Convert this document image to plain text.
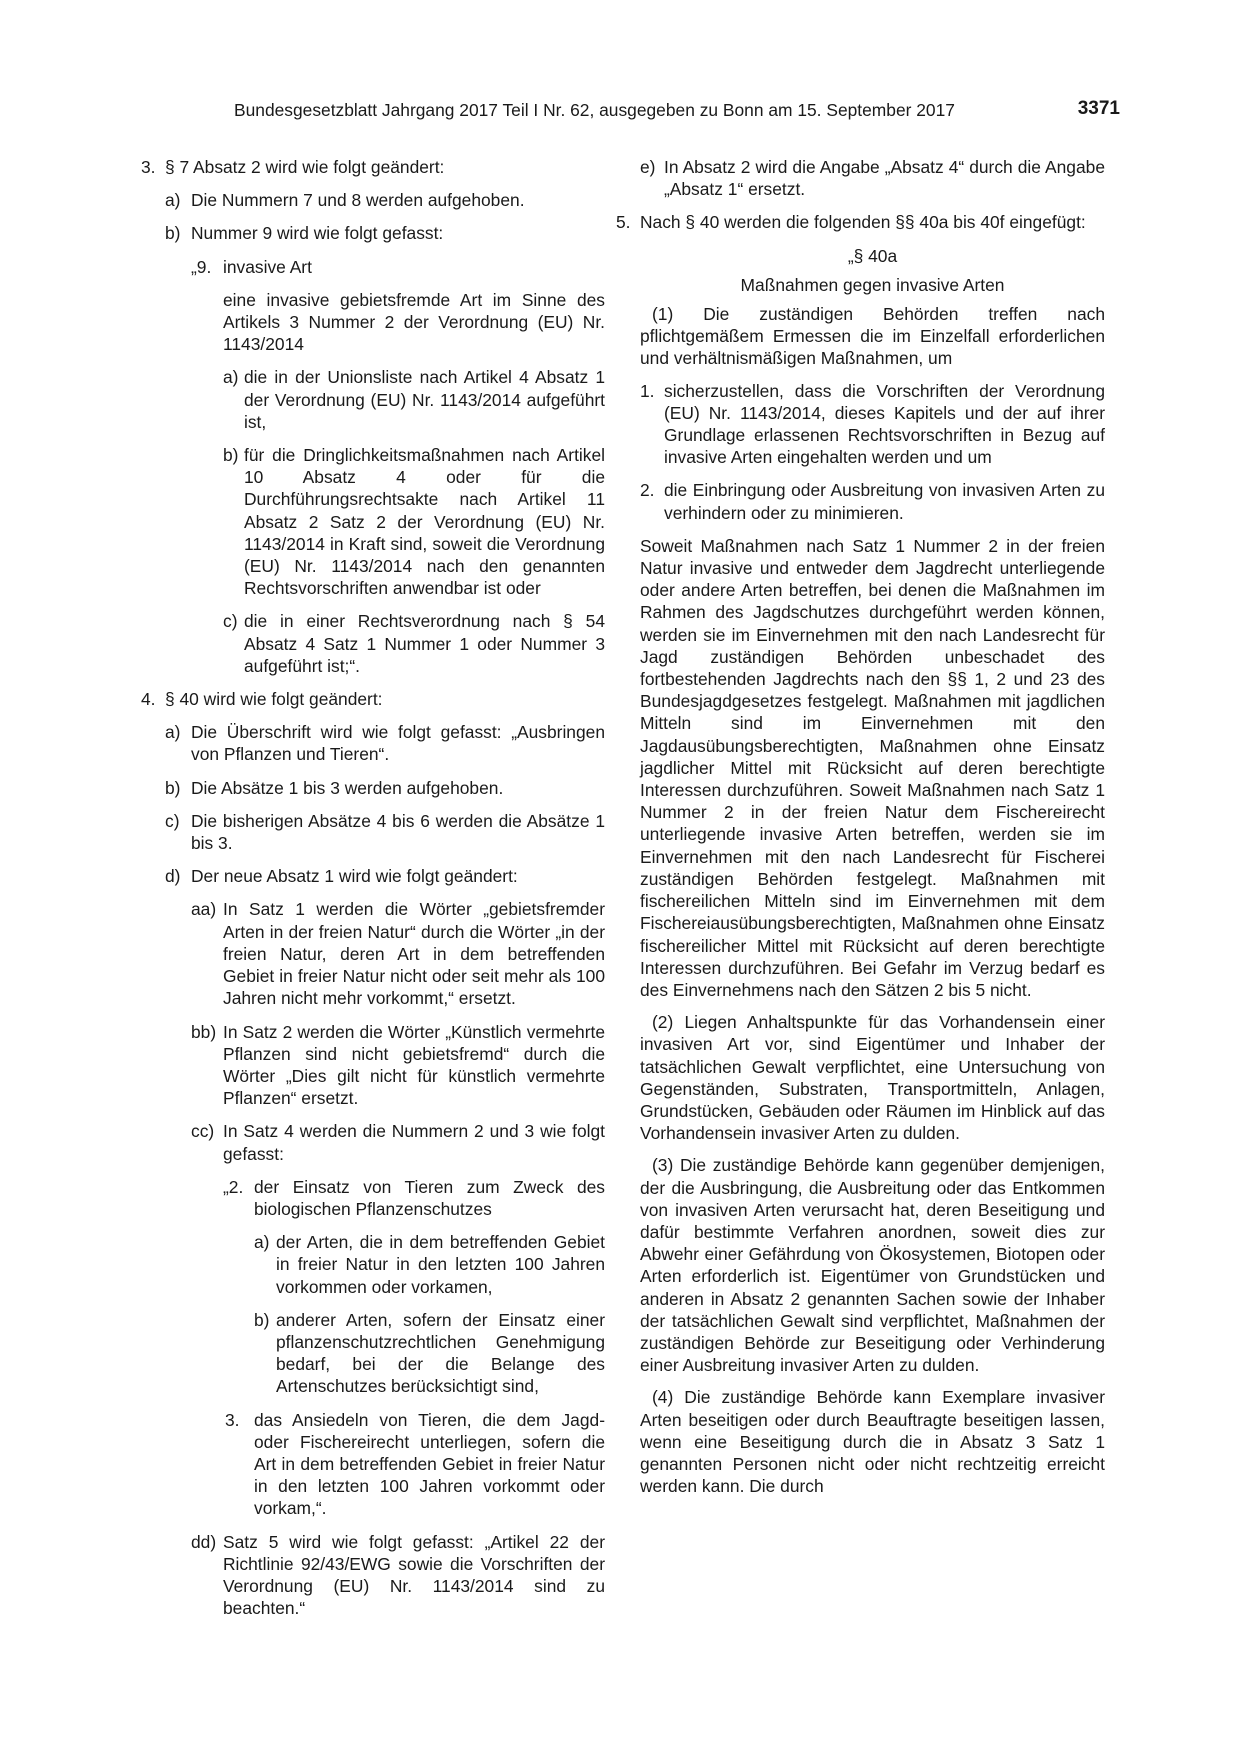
Bundesgesetzblatt Jahrgang 2017 Teil I Nr. 62, ausgegeben zu Bonn am 15. September 2017	3371
3. § 7 Absatz 2 wird wie folgt geändert:
a) Die Nummern 7 und 8 werden aufgehoben.
b) Nummer 9 wird wie folgt gefasst:
„9. invasive Art
eine invasive gebietsfremde Art im Sinne des Artikels 3 Nummer 2 der Verordnung (EU) Nr. 1143/2014
a) die in der Unionsliste nach Artikel 4 Absatz 1 der Verordnung (EU) Nr. 1143/2014 aufgeführt ist,
b) für die Dringlichkeitsmaßnahmen nach Artikel 10 Absatz 4 oder für die Durchführungsrechtsakte nach Artikel 11 Absatz 2 Satz 2 der Verordnung (EU) Nr. 1143/2014 in Kraft sind, soweit die Verordnung (EU) Nr. 1143/2014 nach den genannten Rechtsvorschriften anwendbar ist oder
c) die in einer Rechtsverordnung nach § 54 Absatz 4 Satz 1 Nummer 1 oder Nummer 3 aufgeführt ist;“.
4. § 40 wird wie folgt geändert:
a) Die Überschrift wird wie folgt gefasst: „Ausbringen von Pflanzen und Tieren“.
b) Die Absätze 1 bis 3 werden aufgehoben.
c) Die bisherigen Absätze 4 bis 6 werden die Absätze 1 bis 3.
d) Der neue Absatz 1 wird wie folgt geändert:
aa) In Satz 1 werden die Wörter „gebietsfremder Arten in der freien Natur“ durch die Wörter „in der freien Natur, deren Art in dem betreffenden Gebiet in freier Natur nicht oder seit mehr als 100 Jahren nicht mehr vorkommt,“ ersetzt.
bb) In Satz 2 werden die Wörter „Künstlich vermehrte Pflanzen sind nicht gebietsfremd“ durch die Wörter „Dies gilt nicht für künstlich vermehrte Pflanzen“ ersetzt.
cc) In Satz 4 werden die Nummern 2 und 3 wie folgt gefasst:
„2. der Einsatz von Tieren zum Zweck des biologischen Pflanzenschutzes
a) der Arten, die in dem betreffenden Gebiet in freier Natur in den letzten 100 Jahren vorkommen oder vorkamen,
b) anderer Arten, sofern der Einsatz einer pflanzenschutzrechtlichen Genehmigung bedarf, bei der die Belange des Artenschutzes berücksichtigt sind,
3. das Ansiedeln von Tieren, die dem Jagd- oder Fischereirecht unterliegen, sofern die Art in dem betreffenden Gebiet in freier Natur in den letzten 100 Jahren vorkommt oder vorkam,“.
dd) Satz 5 wird wie folgt gefasst: „Artikel 22 der Richtlinie 92/43/EWG sowie die Vorschriften der Verordnung (EU) Nr. 1143/2014 sind zu beachten.“
e) In Absatz 2 wird die Angabe „Absatz 4“ durch die Angabe „Absatz 1“ ersetzt.
5. Nach § 40 werden die folgenden §§ 40a bis 40f eingefügt:
„§ 40a
Maßnahmen gegen invasive Arten
(1) Die zuständigen Behörden treffen nach pflichtgemäßem Ermessen die im Einzelfall erforderlichen und verhältnismäßigen Maßnahmen, um
1. sicherzustellen, dass die Vorschriften der Verordnung (EU) Nr. 1143/2014, dieses Kapitels und der auf ihrer Grundlage erlassenen Rechtsvorschriften in Bezug auf invasive Arten eingehalten werden und um
2. die Einbringung oder Ausbreitung von invasiven Arten zu verhindern oder zu minimieren.
Soweit Maßnahmen nach Satz 1 Nummer 2 in der freien Natur invasive und entweder dem Jagdrecht unterliegende oder andere Arten betreffen, bei denen die Maßnahmen im Rahmen des Jagdschutzes durchgeführt werden können, werden sie im Einvernehmen mit den nach Landesrecht für Jagd zuständigen Behörden unbeschadet des fortbestehenden Jagdrechts nach den §§ 1, 2 und 23 des Bundesjagdgesetzes festgelegt. Maßnahmen mit jagdlichen Mitteln sind im Einvernehmen mit den Jagdausübungsberechtigten, Maßnahmen ohne Einsatz jagdlicher Mittel mit Rücksicht auf deren berechtigte Interessen durchzuführen. Soweit Maßnahmen nach Satz 1 Nummer 2 in der freien Natur dem Fischereirecht unterliegende invasive Arten betreffen, werden sie im Einvernehmen mit den nach Landesrecht für Fischerei zuständigen Behörden festgelegt. Maßnahmen mit fischereilichen Mitteln sind im Einvernehmen mit dem Fischereiausübungsberechtigten, Maßnahmen ohne Einsatz fischereilicher Mittel mit Rücksicht auf deren berechtigte Interessen durchzuführen. Bei Gefahr im Verzug bedarf es des Einvernehmens nach den Sätzen 2 bis 5 nicht.
(2) Liegen Anhaltspunkte für das Vorhandensein einer invasiven Art vor, sind Eigentümer und Inhaber der tatsächlichen Gewalt verpflichtet, eine Untersuchung von Gegenständen, Substraten, Transportmitteln, Anlagen, Grundstücken, Gebäuden oder Räumen im Hinblick auf das Vorhandensein invasiver Arten zu dulden.
(3) Die zuständige Behörde kann gegenüber demjenigen, der die Ausbringung, die Ausbreitung oder das Entkommen von invasiven Arten verursacht hat, deren Beseitigung und dafür bestimmte Verfahren anordnen, soweit dies zur Abwehr einer Gefährdung von Ökosystemen, Biotopen oder Arten erforderlich ist. Eigentümer von Grundstücken und anderen in Absatz 2 genannten Sachen sowie der Inhaber der tatsächlichen Gewalt sind verpflichtet, Maßnahmen der zuständigen Behörde zur Beseitigung oder Verhinderung einer Ausbreitung invasiver Arten zu dulden.
(4) Die zuständige Behörde kann Exemplare invasiver Arten beseitigen oder durch Beauftragte beseitigen lassen, wenn eine Beseitigung durch die in Absatz 3 Satz 1 genannten Personen nicht oder nicht rechtzeitig erreicht werden kann. Die durch
